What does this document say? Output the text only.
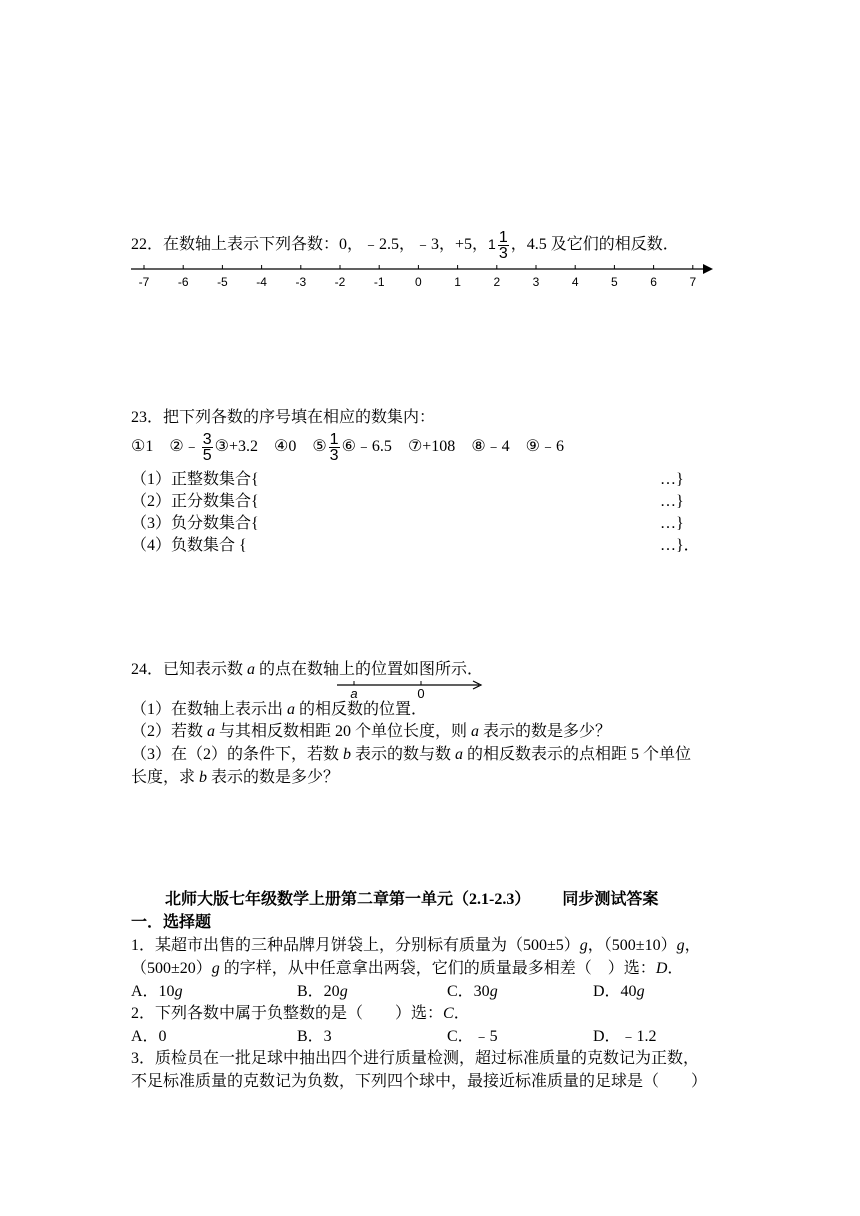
22．在数轴上表示下列各数：0，﹣2.5，﹣3，+5，$1 \frac{1}{3}$ ，4.5 及它们的相反数．
-7 -6 -5 -4 -3 -2 -1	0	1	2	3	4	5	6	7
23．把下列各数的序号填在相应的数集内：
①1 ②﹣ $\frac{3}{5}$ ③+3.2 ④0 ⑤ $\frac{1}{3}$ ⑥﹣6.5 ⑦+108 ⑧﹣4 ⑨﹣6
（1）正整数集合{	…}
（2）正分数集合{	…}
（3）负分数集合{	…}
（4）负数集合 {	…}．
24．已知表示数 a 的点在数轴上的位置如图所示．
a	0
（1）在数轴上表示出 a 的相反数的位置．
（2）若数 a 与其相反数相距 20 个单位长度，则 a 表示的数是多少？
（3）在（2）的条件下，若数 b 表示的数与数 a 的相反数表示的点相距 5 个单位
长度，求 b 表示的数是多少？
北师大版七年级数学上册第二章第一单元（2.1-2.3）        同步测试答案
一．选择题
1．某超市出售的三种品牌月饼袋上，分别标有质量为（500±5）g，（500±10）g，
（500±20）g 的字样，从中任意拿出两袋，它们的质量最多相差（    ）选：D．
A．10g	B．20g	C．30g	D．40g
2．下列各数中属于负整数的是（        ）选：C．
A．0	B．3	C．﹣5	D．﹣1.2
3．质检员在一批足球中抽出四个进行质量检测，超过标准质量的克数记为正数，
不足标准质量的克数记为负数，下列四个球中，最接近标准质量的足球是（        ）
